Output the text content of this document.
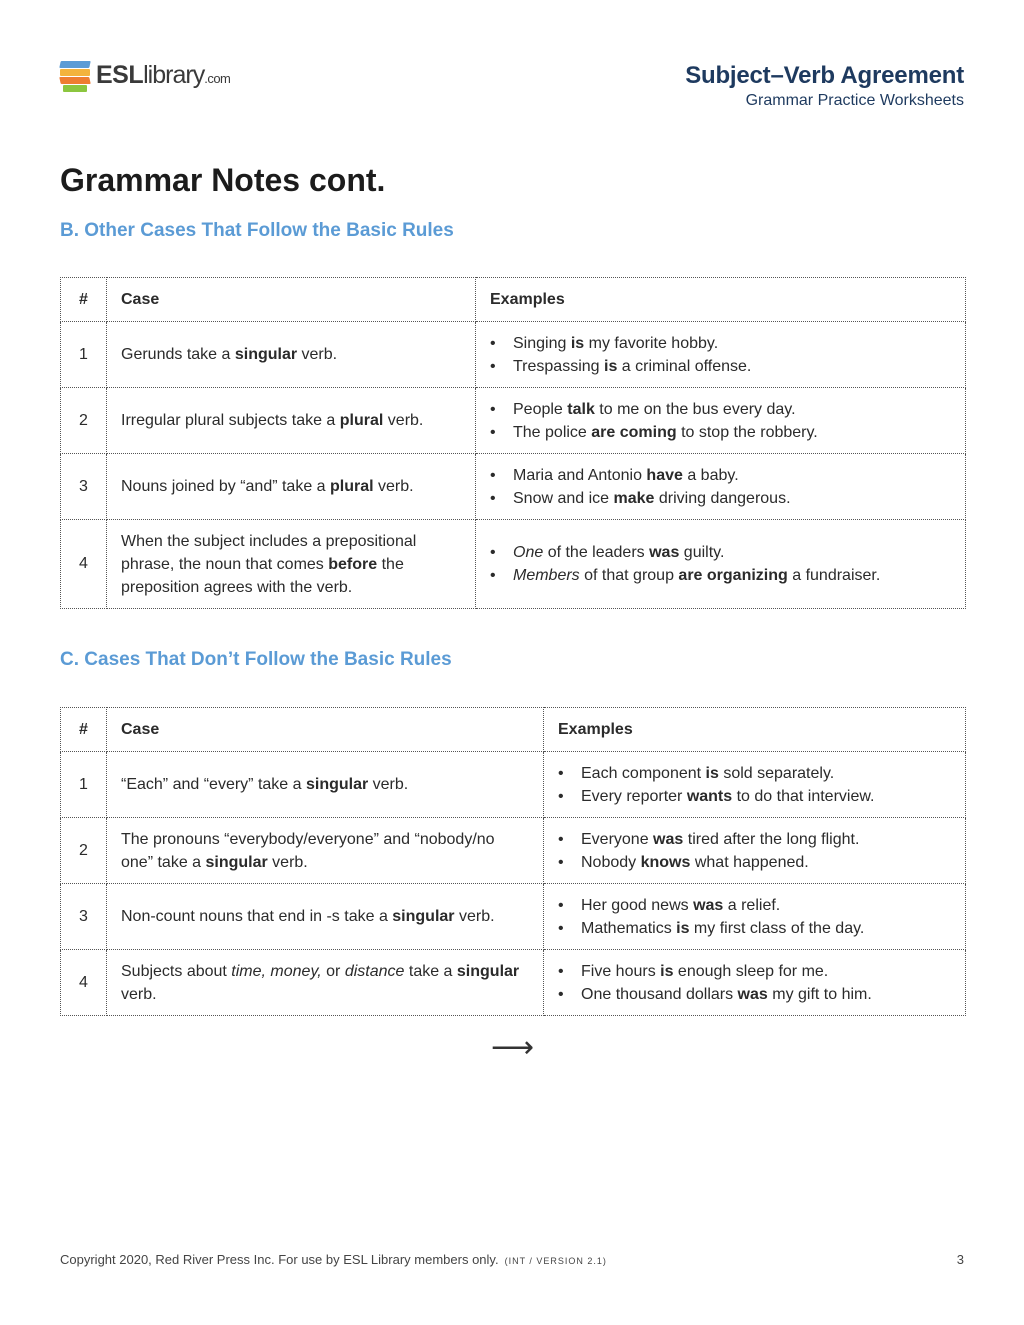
ESLlibrary.com	Subject–Verb Agreement
Grammar Practice Worksheets
Grammar Notes cont.
B. Other Cases That Follow the Basic Rules
#	Case	Examples
1	Gerunds take a singular verb.	• Singing is my favorite hobby.
• Trespassing is a criminal offense.

2	Irregular plural subjects take a plural verb.	• People talk to me on the bus every day.
• The police are coming to stop the robbery.

3	Nouns joined by “and” take a plural verb.	• Maria and Antonio have a baby.
• Snow and ice make driving dangerous.

4	When the subject includes a prepositional phrase, the noun that comes before the preposition agrees with the verb.	• One of the leaders was guilty.
• Members of that group are organizing a fundraiser.
C. Cases That Don’t Follow the Basic Rules
#	Case	Examples
1	“Each” and “every” take a singular verb.	• Each component is sold separately.
• Every reporter wants to do that interview.

2	The pronouns “everybody/everyone” and “nobody/no one” take a singular verb.	• Everyone was tired after the long flight.
• Nobody knows what happened.

3	Non-count nouns that end in -s take a singular verb.	• Her good news was a relief.
• Mathematics is my first class of the day.

4	Subjects about time, money, or distance take a singular verb.	• Five hours is enough sleep for me.
• One thousand dollars was my gift to him.
⟶
Copyright 2020, Red River Press Inc. For use by ESL Library members only. (INT / VERSION 2.1)	3
